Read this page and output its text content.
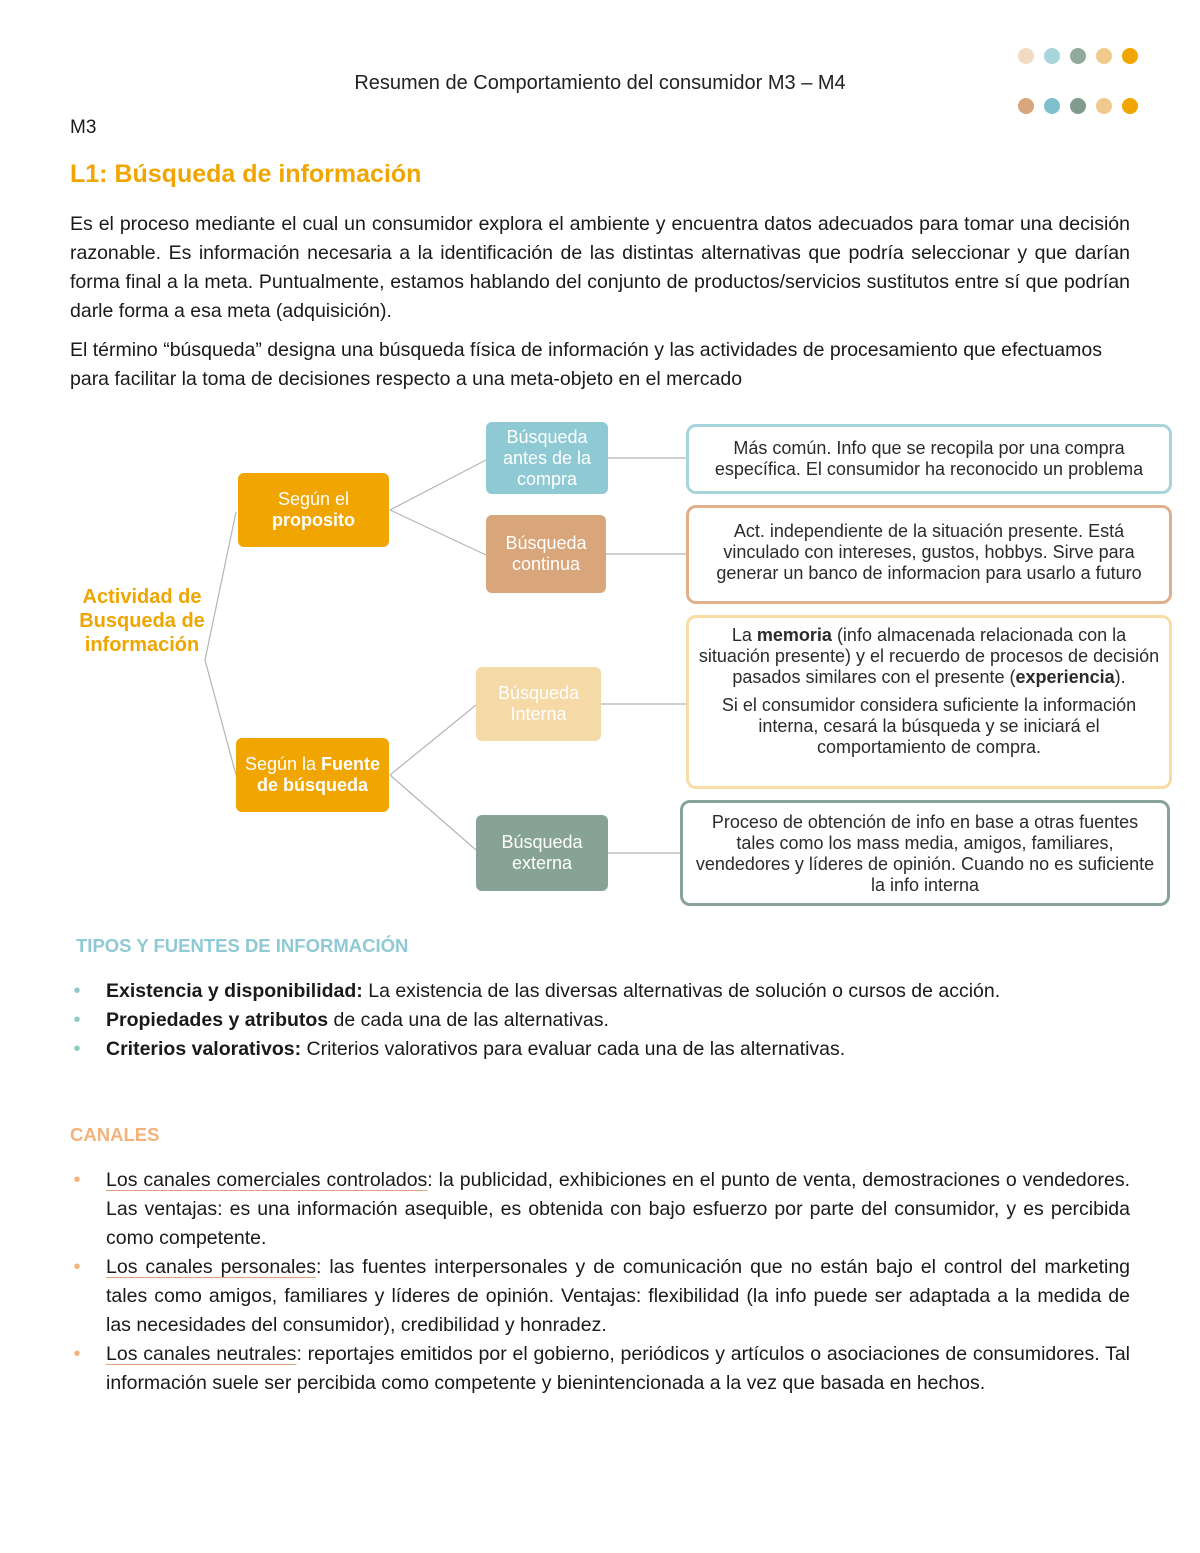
Resumen de Comportamiento del consumidor M3 – M4
M3
L1: Búsqueda de información
Es el proceso mediante el cual un consumidor explora el ambiente y encuentra datos adecuados para tomar una decisión razonable. Es información necesaria a la identificación de las distintas alternativas que podría seleccionar y que darían forma final a la meta. Puntualmente, estamos hablando del conjunto de productos/servicios sustitutos entre sí que podrían darle forma a esa meta (adquisición).
El término “búsqueda” designa una búsqueda física de información y las actividades de procesamiento que efectuamos para facilitar la toma de decisiones respecto a una meta-objeto en el mercado
Actividad de Busqueda de información
Según el
proposito
Según la Fuente
de búsqueda
Búsqueda antes de la compra
Búsqueda continua
Búsqueda Interna
Búsqueda externa
Más común. Info que se recopila por una compra específica. El consumidor ha reconocido un problema
Act. independiente de la situación presente. Está vinculado con intereses, gustos, hobbys. Sirve para generar un banco de informacion para usarlo a futuro
La memoria (info almacenada relacionada con la situación presente) y el recuerdo de procesos de decisión pasados similares con el presente (experiencia).
Si el consumidor considera suficiente la información interna, cesará la búsqueda y se iniciará el comportamiento de compra.
Proceso de obtención de info en base a otras fuentes tales como los mass media, amigos, familiares, vendedores y líderes de opinión. Cuando no es suficiente la info interna
TIPOS Y FUENTES DE INFORMACIÓN
• Existencia y disponibilidad: La existencia de las diversas alternativas de solución o cursos de acción.
• Propiedades y atributos de cada una de las alternativas.
• Criterios valorativos: Criterios valorativos para evaluar cada una de las alternativas.
CANALES
• Los canales comerciales controlados: la publicidad, exhibiciones en el punto de venta, demostraciones o vendedores. Las ventajas: es una información asequible, es obtenida con bajo esfuerzo por parte del consumidor, y es percibida como competente.
• Los canales personales: las fuentes interpersonales y de comunicación que no están bajo el control del marketing tales como amigos, familiares y líderes de opinión. Ventajas: flexibilidad (la info puede ser adaptada a la medida de las necesidades del consumidor), credibilidad y honradez.
• Los canales neutrales: reportajes emitidos por el gobierno, periódicos y artículos o asociaciones de consumidores. Tal información suele ser percibida como competente y bienintencionada a la vez que basada en hechos.
